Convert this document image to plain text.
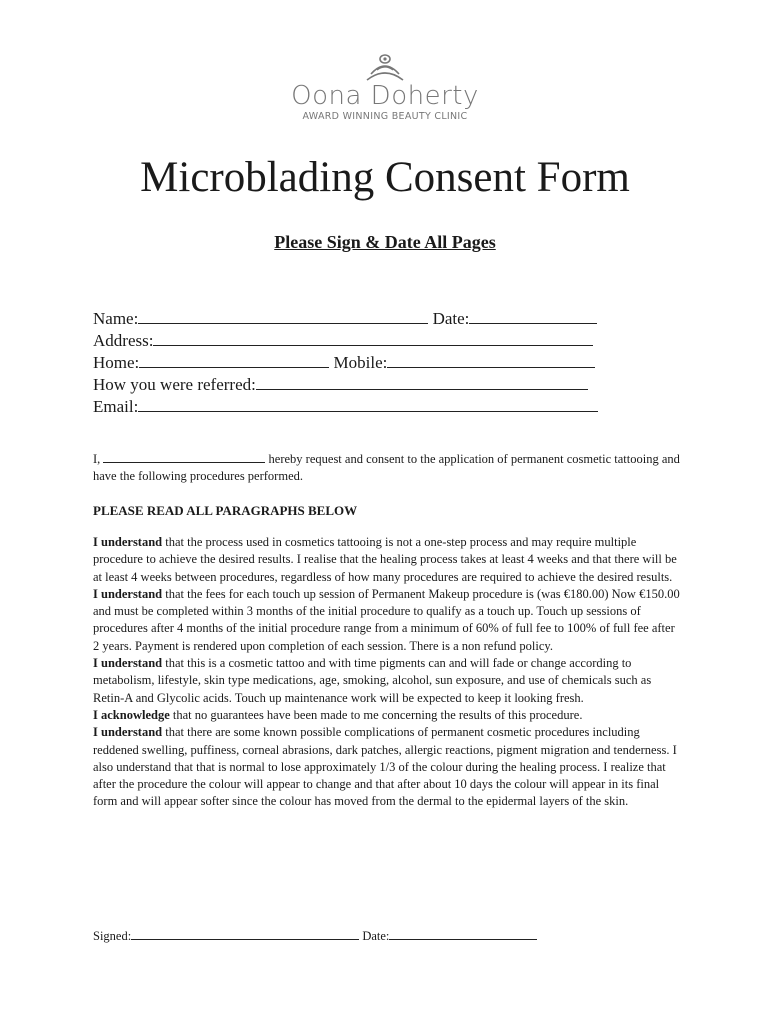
Oona Doherty
AWARD WINNING BEAUTY CLINIC
Microblading Consent Form
Please Sign & Date All Pages
Name:	Date:
Address:
Home:	Mobile:
How you were referred:
Email:
I,	hereby request and consent to the application of permanent cosmetic tattooing and have the following procedures performed.
PLEASE READ ALL PARAGRAPHS BELOW

I understand that the process used in cosmetics tattooing is not a one-step process and may require multiple procedure to achieve the desired results. I realise that the healing process takes at least 4 weeks and that there will be at least 4 weeks between procedures, regardless of how many procedures are required to achieve the desired results.

I understand that the fees for each touch up session of Permanent Makeup procedure is (was €180.00) Now €150.00 and must be completed within 3 months of the initial procedure to qualify as a touch up. Touch up sessions of procedures after 4 months of the initial procedure range from a minimum of 60% of full fee to 100% of full fee after 2 years. Payment is rendered upon completion of each session. There is a non refund policy.

I understand that this is a cosmetic tattoo and with time pigments can and will fade or change according to metabolism, lifestyle, skin type medications, age, smoking, alcohol, sun exposure, and use of chemicals such as Retin-A and Glycolic acids. Touch up maintenance work will be expected to keep it looking fresh.

I acknowledge that no guarantees have been made to me concerning the results of this procedure.

I understand that there are some known possible complications of permanent cosmetic procedures including reddened swelling, puffiness, corneal abrasions, dark patches, allergic reactions, pigment migration and tenderness. I also understand that that is normal to lose approximately 1/3 of the colour during the healing process. I realize that after the procedure the colour will appear to change and that after about 10 days the colour will appear in its final form and will appear softer since the colour has moved from the dermal to the epidermal layers of the skin.

Signed:	Date:
